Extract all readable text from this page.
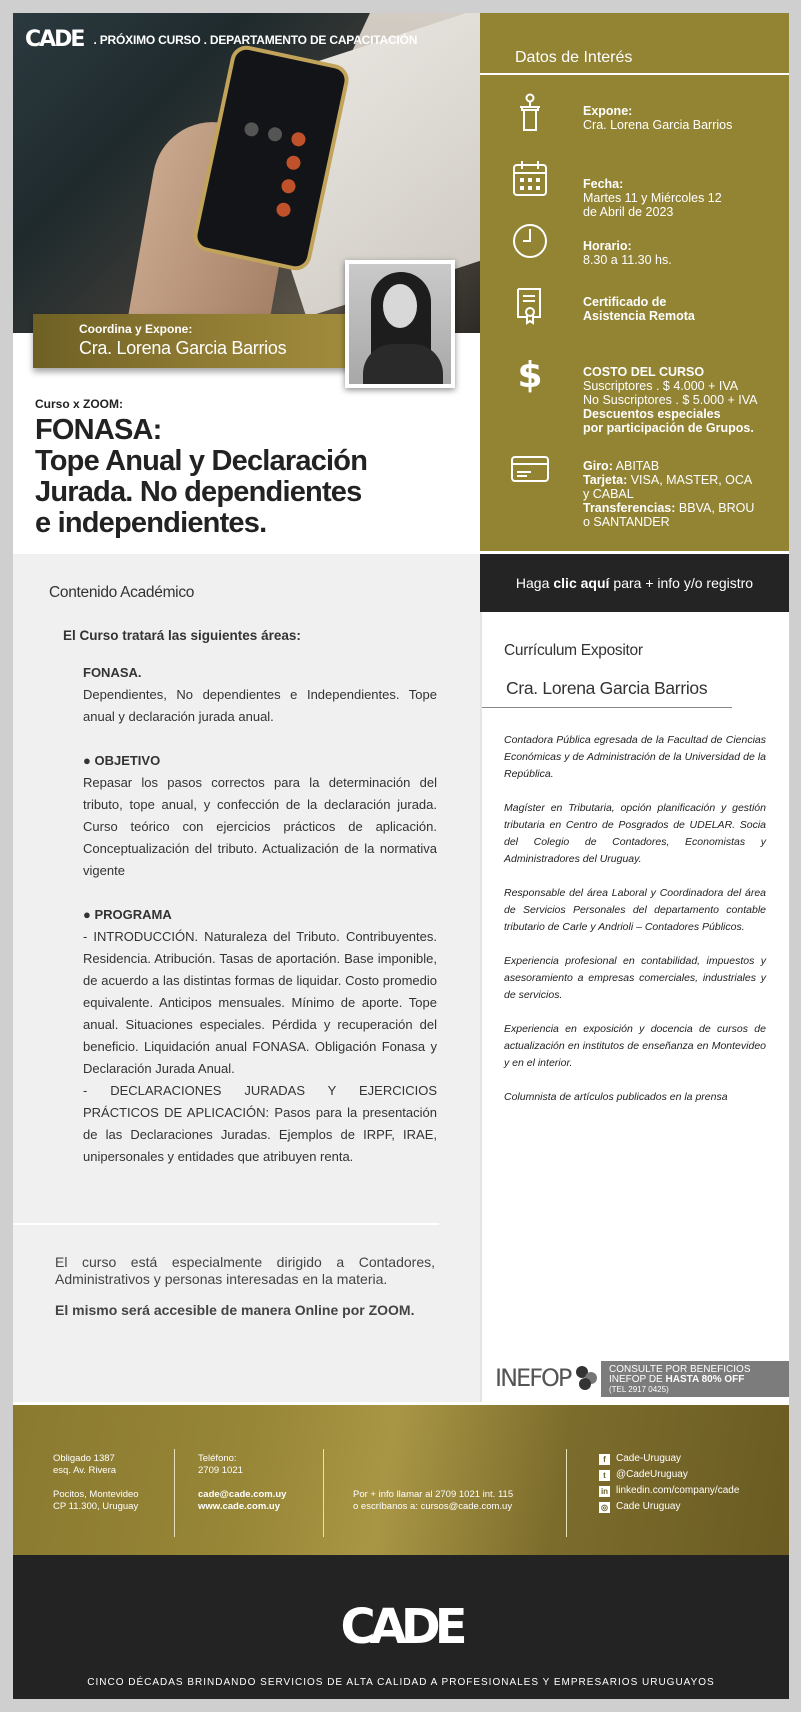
CADE . PRÓXIMO CURSO . DEPARTAMENTO DE CAPACITACIÓN
Coordina y Expone:
Cra. Lorena Garcia Barrios
Curso x ZOOM:
FONASA:
Tope Anual y Declaración
Jurada. No dependientes
e independientes.
Datos de Interés
Expone:
Cra. Lorena Garcia Barrios
Fecha:
Martes 11 y Miércoles 12
de Abril de 2023
Horario:
8.30 a 11.30 hs.
Certificado de
Asistencia Remota
$	COSTO DEL CURSO
Suscriptores . $ 4.000 + IVA
No Suscriptores . $ 5.000 + IVA
Descuentos especiales
por participación de Grupos.
Giro: ABITAB
Tarjeta: VISA, MASTER, OCA
y CABAL
Transferencias: BBVA, BROU
o SANTANDER
Contenido Académico
El Curso tratará las siguientes áreas:
FONASA.
Dependientes, No dependientes e Independientes. Tope anual y declaración jurada anual.
● OBJETIVO
Repasar los pasos correctos para la determinación del tributo, tope anual, y confección de la declaración jurada. Curso teórico con ejercicios prácticos de aplicación. Conceptualización del tributo. Actualización de la normativa vigente
● PROGRAMA
- INTRODUCCIÓN. Naturaleza del Tributo. Contribuyentes. Residencia. Atribución. Tasas de aportación. Base imponible, de acuerdo a las distintas formas de liquidar. Costo promedio equivalente. Anticipos mensuales. Mínimo de aporte. Tope anual. Situaciones especiales. Pérdida y recuperación del beneficio. Liquidación anual FONASA. Obligación Fonasa y Declaración Jurada Anual.
- DECLARACIONES JURADAS Y EJERCICIOS PRÁCTICOS DE APLICACIÓN: Pasos para la presentación de las Declaraciones Juradas. Ejemplos de IRPF, IRAE, unipersonales y entidades que atribuyen renta.
El curso está especialmente dirigido a Contadores, Administrativos y personas interesadas en la materia.
El mismo será accesible de manera Online por ZOOM.
Haga clic aquí para + info y/o registro
Currículum Expositor
Cra. Lorena Garcia Barrios

Contadora Pública egresada de la Facultad de Ciencias Económicas y de Administración de la Universidad de la República.

Magíster en Tributaria, opción planificación y gestión tributaria en Centro de Posgrados de UDELAR. Socia del Colegio de Contadores, Economistas y Administradores del Uruguay.

Responsable del área Laboral y Coordinadora del área de Servicios Personales del departamento contable tributario de Carle y Andrioli – Contadores Públicos.

Experiencia profesional en contabilidad, impuestos y asesoramiento a empresas comerciales, industriales y de servicios.

Experiencia en exposición y docencia de cursos de actualización en institutos de enseñanza en Montevideo y en el interior.

Columnista de artículos publicados en la prensa

INEFOP	CONSULTE POR BENEFICIOS
INEFOP DE HASTA 80% OFF
(TEL 2917 0425)
Obligado 1387
esq. Av. Rivera
Pocitos, Montevideo
CP 11.300, Uruguay
Teléfono:
2709 1021
cade@cade.com.uy
www.cade.com.uy
Por + info llamar al 2709 1021 int. 115
o escríbanos a: cursos@cade.com.uy
f	Cade-Uruguay
t	@CadeUruguay
in linkedin.com/company/cade
◎ Cade Uruguay
CADE
CINCO DÉCADAS BRINDANDO SERVICIOS DE ALTA CALIDAD A PROFESIONALES Y EMPRESARIOS URUGUAYOS
